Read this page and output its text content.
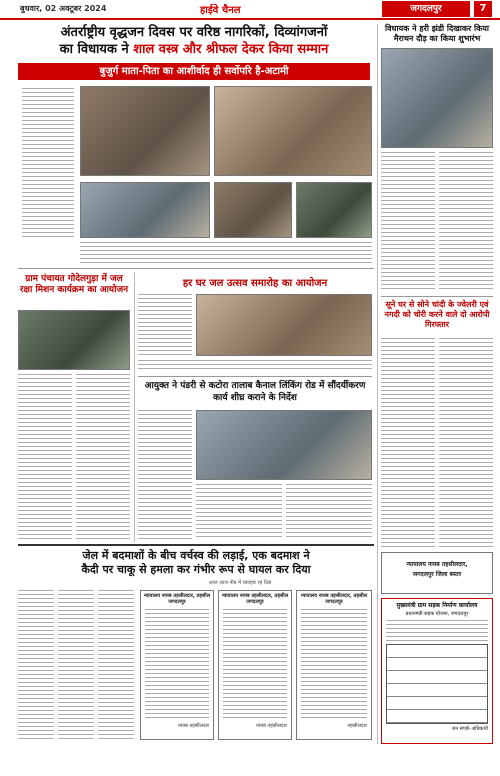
बुधवार, 02 अक्टूबर 2024	हाईवे चैनल	जगदलपुर	7
अंतर्राष्ट्रीय वृद्धजन दिवस पर वरिष्ठ नागरिकों, दिव्यांगजनों
का विधायक ने शाल वस्त्र और श्रीफल देकर किया सम्मान
बुजुर्ग माता-पिता का आशीर्वाद ही सर्वोपरि है-अटामी
विधायक ने हरी झंडी दिखाकर किया मैराथन दौड़ का किया शुभारंभ
सूने घर से सोने चांदी के ज्वेलरी एवं नगदी को चोरी करने वाले दो आरोपी गिरफ्तार
ग्राम पंचायत गोदेलगुड़ा में जल रक्षा मिशन कार्यक्रम का आयोजन
हर घर जल उत्सव समारोह का आयोजन
आयुक्त ने पंडरी से कटोरा तालाब कैनाल लिंकिंग रोड में सौंदर्यीकरण कार्य शीघ्र कराने के निर्देश
जेल में बदमाशों के बीच वर्चस्व की लड़ाई, एक बदमाश ने
कैदी पर चाकू से हमला कर गंभीर रूप से घायल कर दिया
आज आज नीय में व्यवहार रह दिसं
न्यायालय नायब तहसीलदार, तहसील जगदलपुर
नायब तहसीलदार
न्यायालय नायब तहसीलदार, तहसील जगदलपुर
नायब तहसीलदार
न्यायालय नायब तहसीलदार, तहसील जगदलपुर
तहसीलदार
न्यायालय नायब तहसीलदार,
जगदलपुर जिला बस्तर
मुख्यमंत्री ग्राम सड़क निर्माण कार्यालय
प्रधानमंत्री सड़क योजना, जगदलपुर
जन संपर्क अधिकारी
